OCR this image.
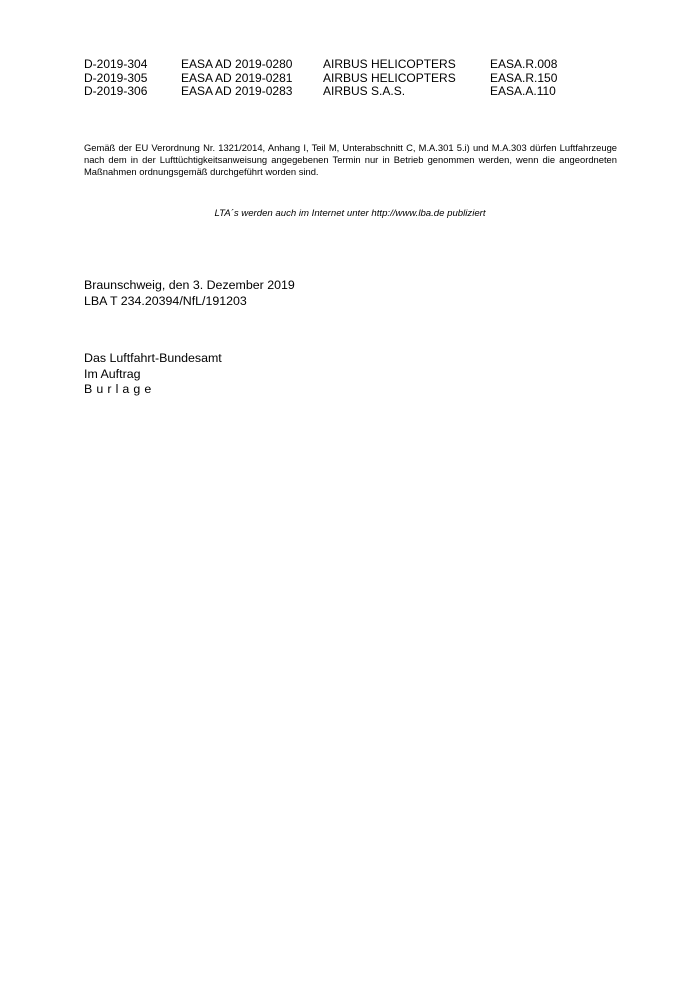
D-2019-304	EASA AD 2019-0280	AIRBUS HELICOPTERS	EASA.R.008
D-2019-305	EASA AD 2019-0281	AIRBUS HELICOPTERS	EASA.R.150
D-2019-306	EASA AD 2019-0283	AIRBUS S.A.S.	EASA.A.110

Gemäß der EU Verordnung Nr. 1321/2014, Anhang I, Teil M, Unterabschnitt C, M.A.301 5.i) und M.A.303 dürfen Luftfahrzeuge nach dem in der Lufttüchtigkeitsanweisung angegebenen Termin nur in Betrieb genommen werden, wenn die angeordneten Maßnahmen ordnungsgemäß durchgeführt worden sind.

LTA´s werden auch im Internet unter http://www.lba.de publiziert
Braunschweig, den 3. Dezember 2019
LBA T 234.20394/NfL/191203
Das Luftfahrt-Bundesamt
Im Auftrag
Burlage
